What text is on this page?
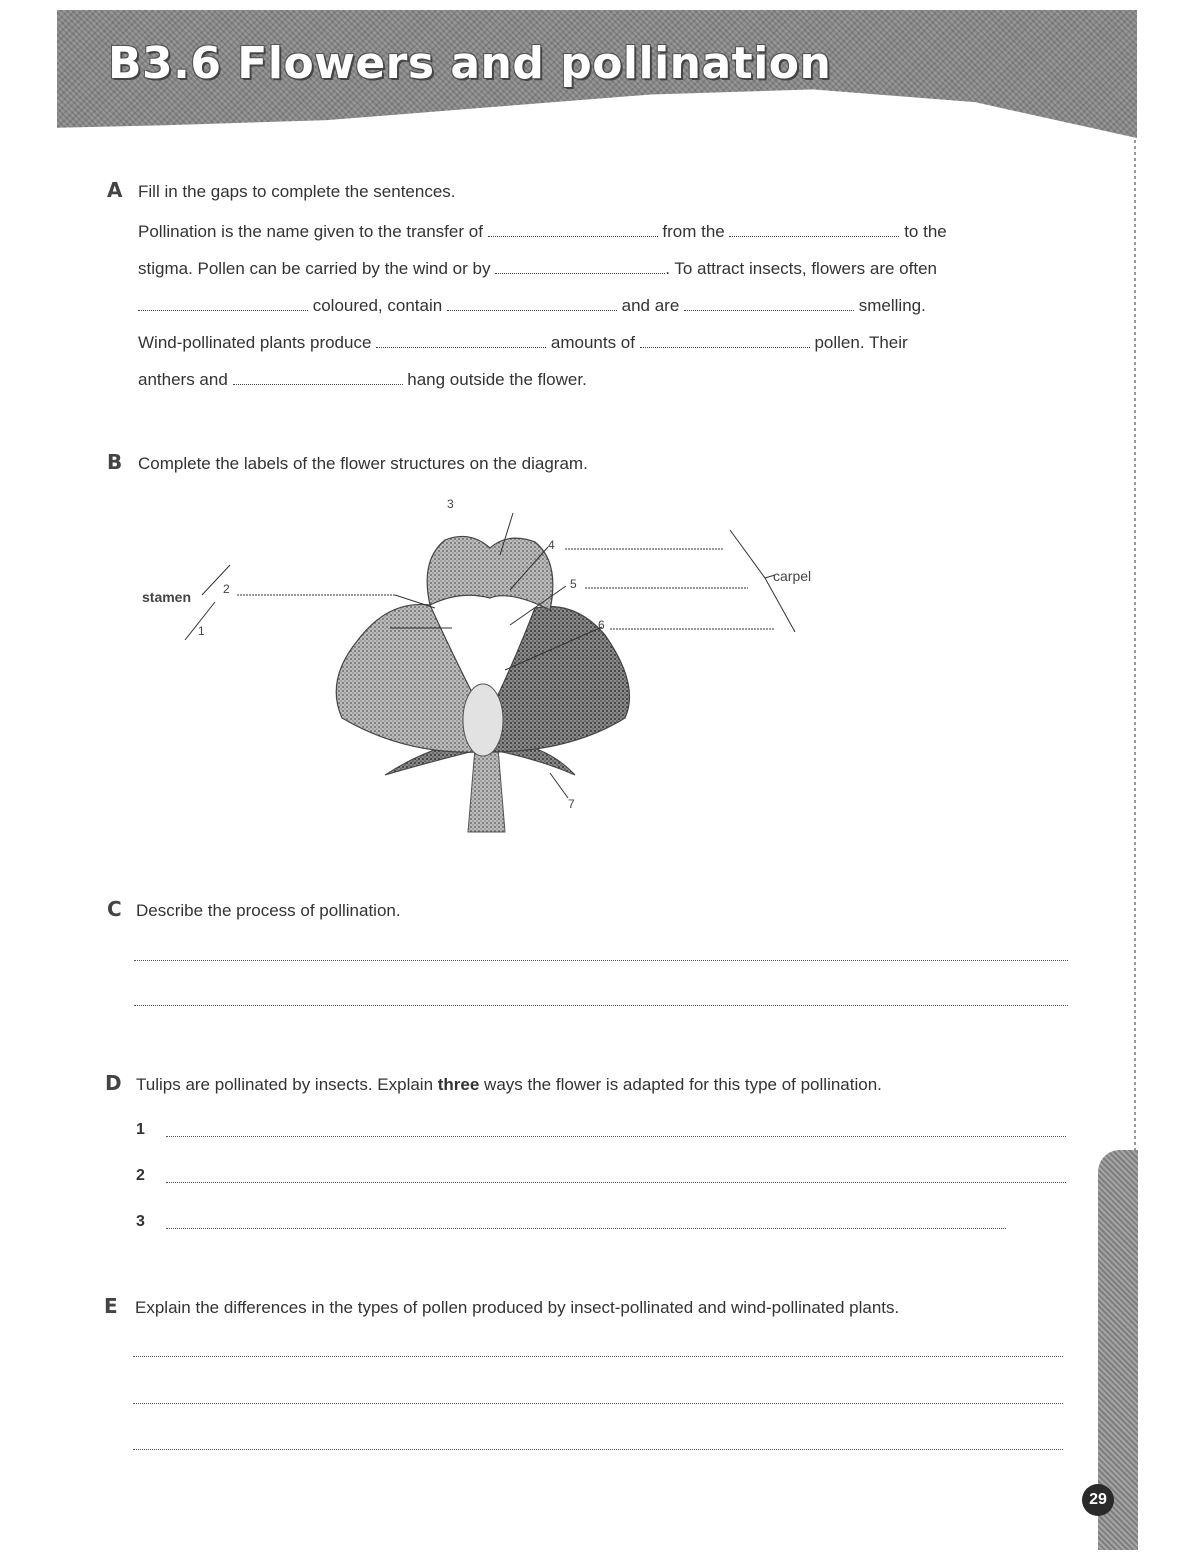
B3.6 Flowers and pollination
29
A Fill in the gaps to complete the sentences.
Pollination is the name given to the transfer of	from the	to the
stigma. Pollen can be carried by the wind or by	. To attract insects, flowers are often
coloured, contain	and are	smelling.
Wind-pollinated plants produce	amounts of	pollen. Their
anthers and	hang outside the flower.
B Complete the labels of the flower structures on the diagram.
3
4
5
6
2
1
7
stamen
carpel
C Describe the process of pollination.
D Tulips are pollinated by insects. Explain three ways the flower is adapted for this type of pollination.
1
2
3
E Explain the differences in the types of pollen produced by insect-pollinated and wind-pollinated plants.
